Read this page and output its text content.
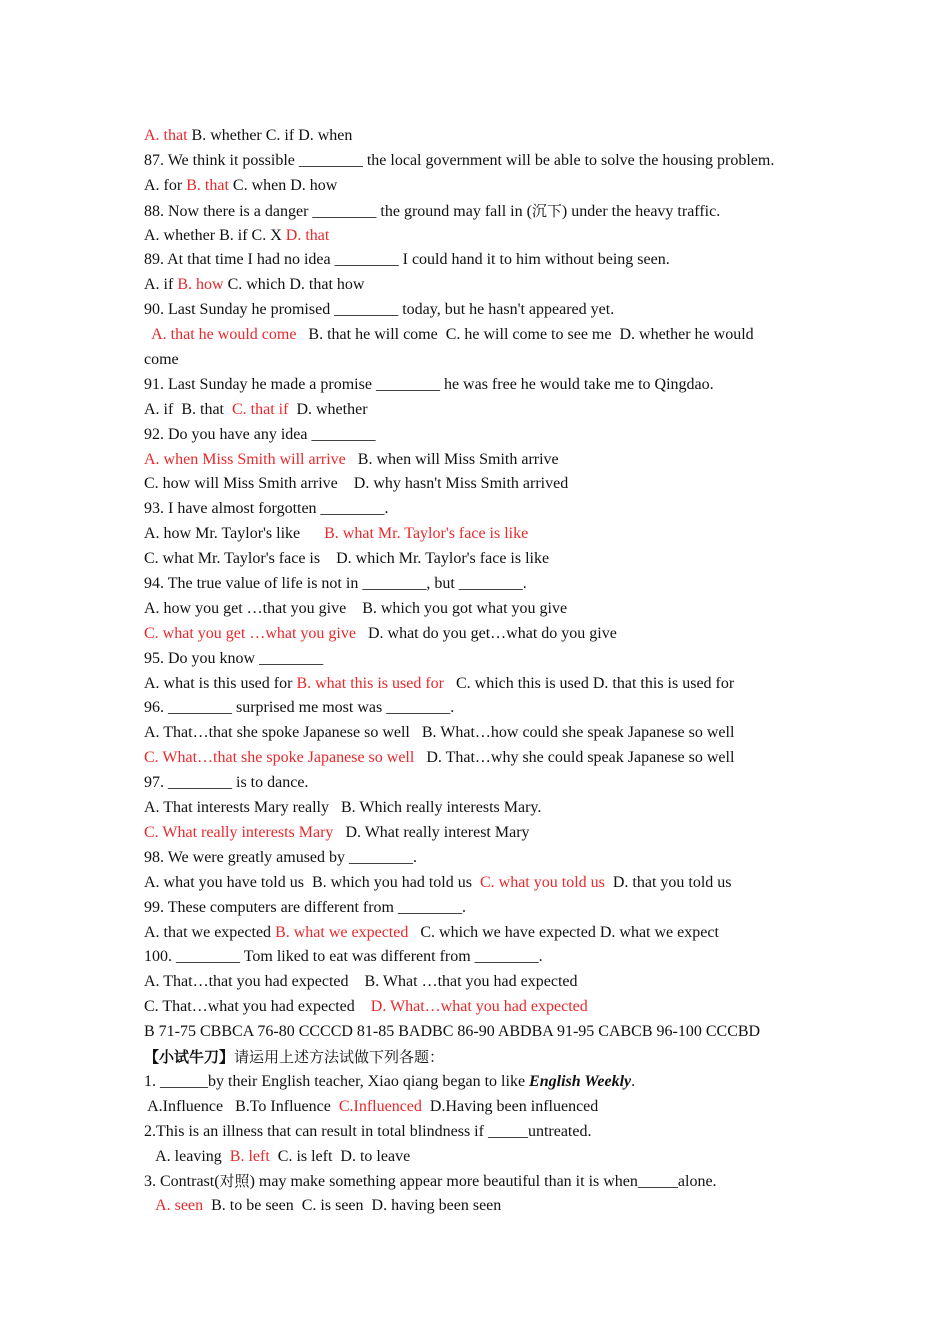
A. that B. whether C. if D. when
87. We think it possible ________ the local government will be able to solve the housing problem.
A. for B. that C. when D. how
88. Now there is a danger ________ the ground may fall in (沉下) under the heavy traffic.
A. whether B. if C. X D. that
89. At that time I had no idea ________ I could hand it to him without being seen.
A. if B. how C. which D. that how
90. Last Sunday he promised ________ today, but he hasn't appeared yet.
A. that he would come   B. that he will come  C. he will come to see me  D. whether he would
come
91. Last Sunday he made a promise ________ he was free he would take me to Qingdao.
A. if  B. that  C. that if  D. whether
92. Do you have any idea ________
A. when Miss Smith will arrive   B. when will Miss Smith arrive
C. how will Miss Smith arrive    D. why hasn't Miss Smith arrived
93. I have almost forgotten ________.
A. how Mr. Taylor's like      B. what Mr. Taylor's face is like
C. what Mr. Taylor's face is    D. which Mr. Taylor's face is like
94. The true value of life is not in ________, but ________.
A. how you get …that you give    B. which you got what you give
C. what you get …what you give   D. what do you get…what do you give
95. Do you know ________
A. what is this used for B. what this is used for   C. which this is used D. that this is used for
96. ________ surprised me most was ________.
A. That…that she spoke Japanese so well   B. What…how could she speak Japanese so well
C. What…that she spoke Japanese so well   D. That…why she could speak Japanese so well
97. ________ is to dance.
A. That interests Mary really   B. Which really interests Mary.
C. What really interests Mary   D. What really interest Mary
98. We were greatly amused by ________.
A. what you have told us  B. which you had told us  C. what you told us  D. that you told us
99. These computers are different from ________.
A. that we expected B. what we expected   C. which we have expected D. what we expect
100. ________ Tom liked to eat was different from ________.
A. That…that you had expected    B. What …that you had expected
C. That…what you had expected    D. What…what you had expected
B 71-75 CBBCA 76-80 CCCCD 81-85 BADBC 86-90 ABDBA 91-95 CABCB 96-100 CCCBD
【小试牛刀】请运用上述方法试做下列各题：
1. ______by their English teacher, Xiao qiang began to like English Weekly.
A.Influence   B.To Influence  C.Influenced  D.Having been influenced
2.This is an illness that can result in total blindness if _____untreated.
A. leaving  B. left  C. is left  D. to leave
3. Contrast(对照) may make something appear more beautiful than it is when_____alone.
A. seen  B. to be seen  C. is seen  D. having been seen
